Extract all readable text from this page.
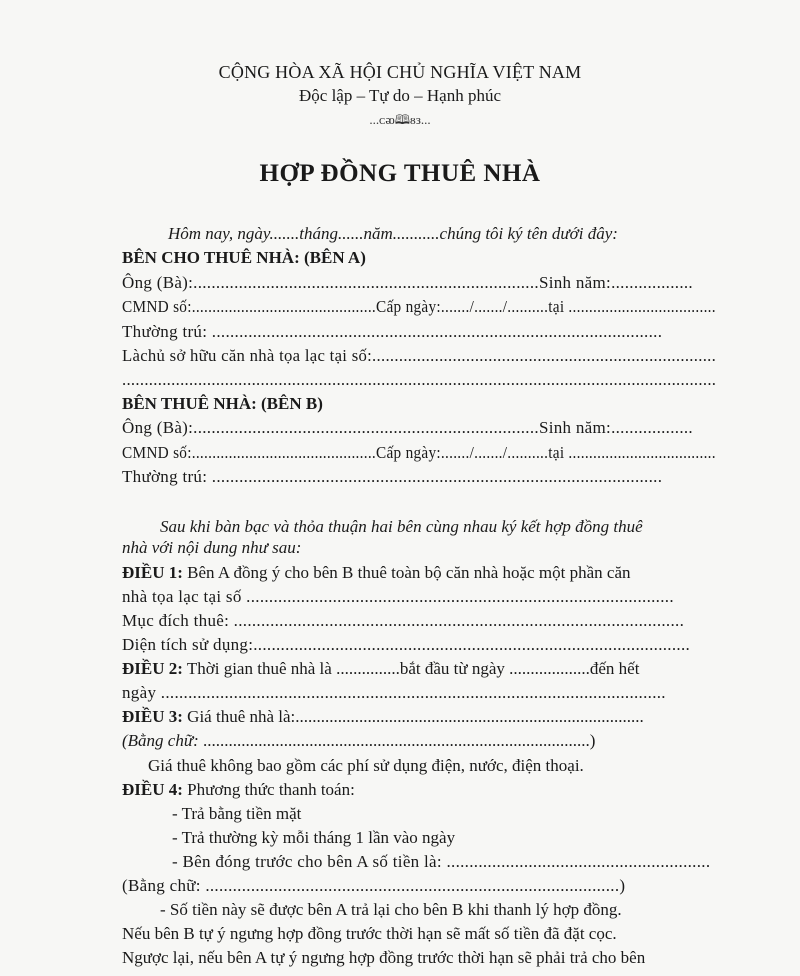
CỘNG HÒA XÃ HỘI CHỦ NGHĨA VIỆT NAM
Độc lập – Tự do – Hạnh phúc
...ᴄᴔ🕮ᴕᴈ...
HỢP ĐỒNG THUÊ NHÀ
Hôm nay, ngày.......tháng......năm...........chúng tôi ký tên dưới đây:
BÊN CHO THUÊ NHÀ: (BÊN A)
Ông (Bà):............................................................................Sinh năm:..................
CMND số:.............................................Cấp ngày:......./......./..........tại ....................................
Thường trú: ...................................................................................................
Làchủ sở hữu căn nhà tọa lạc tại số:.............................................................................
.....................................................................................................................................
BÊN THUÊ NHÀ: (BÊN B)
Ông (Bà):............................................................................Sinh năm:..................
CMND số:.............................................Cấp ngày:......./......./..........tại ....................................
Thường trú: ...................................................................................................
Sau khi bàn bạc và thỏa thuận hai bên cùng nhau ký kết hợp đồng thuê
nhà với nội dung như sau:
ĐIỀU 1: Bên A đồng ý cho bên B thuê toàn bộ căn nhà hoặc một phần căn
nhà tọa lạc tại số ..............................................................................................
Mục đích thuê: ...................................................................................................
Diện tích sử dụng:................................................................................................
ĐIỀU 2: Thời gian thuê nhà là ...............bắt đầu từ ngày ...................đến hết
ngày ...............................................................................................................
ĐIỀU 3: Giá thuê nhà là:..................................................................................
(Bằng chữ: ...........................................................................................)
Giá thuê không bao gồm các phí sử dụng điện, nước, điện thoại.
ĐIỀU 4: Phương thức thanh toán:
- Trả bằng tiền mặt
- Trả thường kỳ mỗi tháng 1 lần vào ngày
- Bên đóng trước cho bên A số tiền là: ..........................................................
(Bằng chữ: ...........................................................................................)
- Số tiền này sẽ được bên A trả lại cho bên B khi thanh lý hợp đồng.
Nếu bên B tự ý ngưng hợp đồng trước thời hạn sẽ mất số tiền đã đặt cọc.
Ngược lại, nếu bên A tự ý ngưng hợp đồng trước thời hạn sẽ phải trả cho bên
